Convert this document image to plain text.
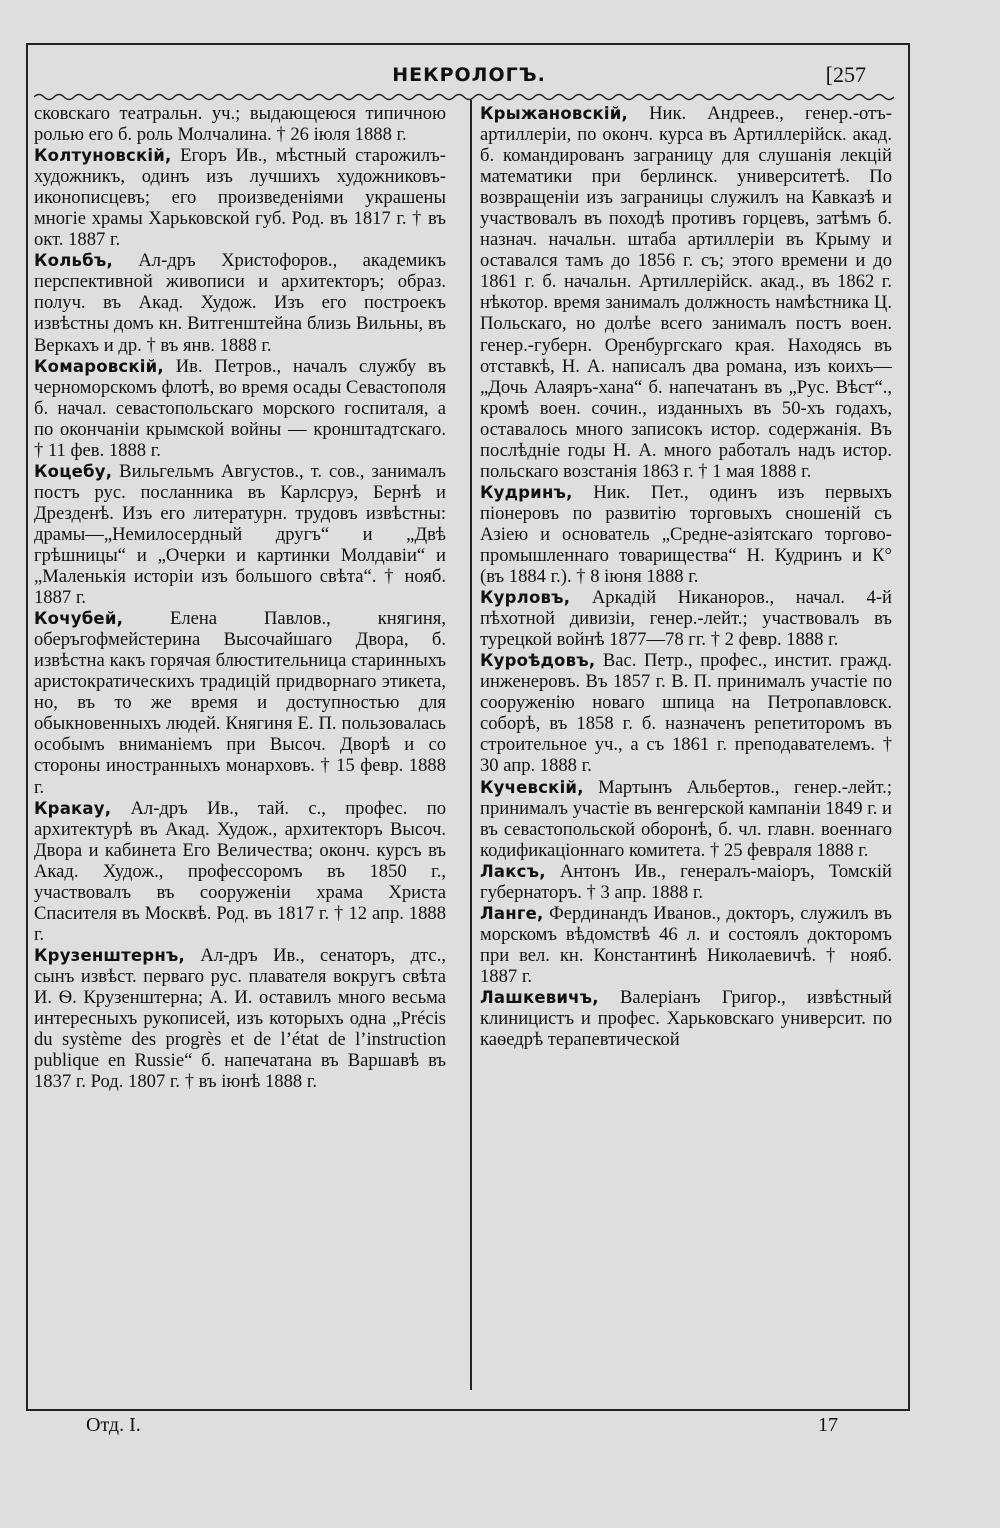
НЕКРОЛОГЪ.	[257

сковскаго театральн. уч.; выдающеюся типичною ролью его б. роль Молчалина. † 26 іюля 1888 г.

Колтуновскій, Егоръ Ив., мѣстный старожилъ-художникъ, одинъ изъ лучшихъ художниковъ-иконописцевъ; его произведеніями украшены многіе храмы Харьковской губ. Род. въ 1817 г. † въ окт. 1887 г.

Кольбъ, Ал-дръ Христофоров., академикъ перспективной живописи и архитекторъ; образ. получ. въ Акад. Худож. Изъ его построекъ извѣстны домъ кн. Витгенштейна близь Вильны, въ Веркахъ и др. † въ янв. 1888 г.

Комаровскій, Ив. Петров., началъ службу въ черноморскомъ флотѣ, во время осады Севастополя б. начал. севастопольскаго морского госпиталя, а по окончаніи крымской войны — кронштадтскаго. † 11 фев. 1888 г.

Коцебу, Вильгельмъ Августов., т. сов., занималъ постъ рус. посланника въ Карлсруэ, Бернѣ и Дрезденѣ. Изъ его литературн. трудовъ извѣстны: драмы—„Немилосердный другъ“ и „Двѣ грѣшницы“ и „Очерки и картинки Молдавіи“ и „Маленькія исторіи изъ большого свѣта“. † нояб. 1887 г.

Кочубей, Елена Павлов., княгиня, оберъгофмейстерина Высочайшаго Двора, б. извѣстна какъ горячая блюстительница старинныхъ аристократическихъ традицій придворнаго этикета, но, въ то же время и доступностью для обыкновенныхъ людей. Княгиня Е. П. пользовалась особымъ вниманіемъ при Высоч. Дворѣ и со стороны иностранныхъ монарховъ. † 15 февр. 1888 г.

Кракау, Ал-дръ Ив., тай. с., профес. по архитектурѣ въ Акад. Худож., архитекторъ Высоч. Двора и кабинета Его Величества; оконч. курсъ въ Акад. Худож., профессоромъ въ 1850 г., участвовалъ въ сооруженіи храма Христа Спасителя въ Москвѣ. Род. въ 1817 г. † 12 апр. 1888 г.

Крузенштернъ, Ал-дръ Ив., сенаторъ, дтс., сынъ извѣст. перваго рус. плавателя вокругъ свѣта И. Ѳ. Крузенштерна; А. И. оставилъ много весьма интересныхъ рукописей, изъ которыхъ одна „Précis du système des progrès et de l’état de l’instruction publique en Russie“ б. напечатана въ Варшавѣ въ 1837 г. Род. 1807 г. † въ іюнѣ 1888 г.

Крыжановскій, Ник. Андреев., генер.-отъ-артиллеріи, по оконч. курса въ Артиллерійск. акад. б. командированъ заграницу для слушанія лекцій математики при берлинск. университетѣ. По возвращеніи изъ заграницы служилъ на Кавказѣ и участвовалъ въ походѣ противъ горцевъ, затѣмъ б. назнач. начальн. штаба артиллеріи въ Крыму и оставался тамъ до 1856 г. съ; этого времени и до 1861 г. б. начальн. Артиллерійск. акад., въ 1862 г. нѣкотор. время занималъ должность намѣстника Ц. Польскаго, но долѣе всего занималъ постъ воен. генер.-губерн. Оренбургскаго края. Находясь въ отставкѣ, Н. А. написалъ два романа, изъ коихъ—„Дочь Алаяръ-хана“ б. напечатанъ въ „Рус. Вѣст“., кромѣ воен. сочин., изданныхъ въ 50-хъ годахъ, оставалось много записокъ истор. содержанія. Въ послѣдніе годы Н. А. много работалъ надъ истор. польскаго возстанія 1863 г. † 1 мая 1888 г.

Кудринъ, Ник. Пет., одинъ изъ первыхъ піонеровъ по развитію торговыхъ сношеній съ Азіею и основатель „Средне-азіятскаго торгово-промышленнаго товарищества“ Н. Кудринъ и К° (въ 1884 г.). † 8 іюня 1888 г.

Курловъ, Аркадій Никаноров., начал. 4-й пѣхотной дивизіи, генер.-лейт.; участвовалъ въ турецкой войнѣ 1877—78 гг. † 2 февр. 1888 г.

Куроѣдовъ, Вас. Петр., профес., инстит. гражд. инженеровъ. Въ 1857 г. В. П. принималъ участіе по сооруженію новаго шпица на Петропавловск. соборѣ, въ 1858 г. б. назначенъ репетиторомъ въ строительное уч., а съ 1861 г. преподавателемъ. † 30 апр. 1888 г.

Кучевскій, Мартынъ Альбертов., генер.-лейт.; принималъ участіе въ венгерской кампаніи 1849 г. и въ севастопольской оборонѣ, б. чл. главн. военнаго кодификаціоннаго комитета. † 25 февраля 1888 г.

Лаксъ, Антонъ Ив., генералъ-маіоръ, Томскій губернаторъ. † 3 апр. 1888 г.

Ланге, Фердинандъ Иванов., докторъ, служилъ въ морскомъ вѣдомствѣ 46 л. и состоялъ докторомъ при вел. кн. Константинѣ Николаевичѣ. † нояб. 1887 г.

Лашкевичъ, Валеріанъ Григор., извѣстный клиницистъ и профес. Харьковскаго университ. по каѳедрѣ терапевтической

Отд. I.	17
